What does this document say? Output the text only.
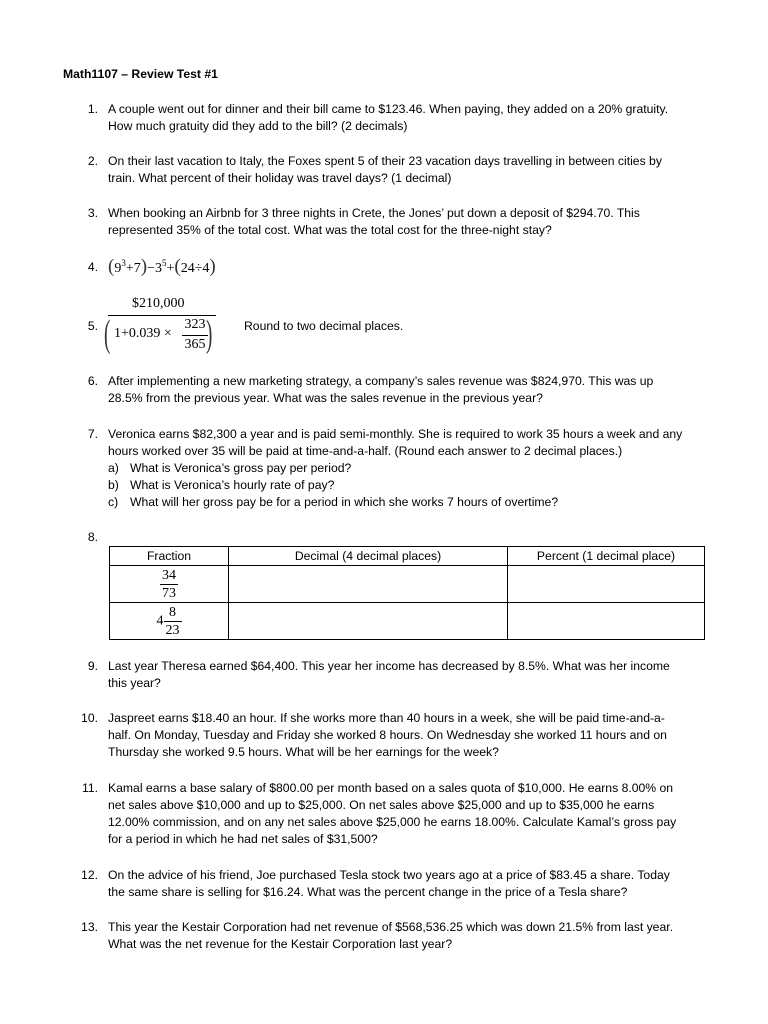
Math1107 – Review Test #1
1. A couple went out for dinner and their bill came to $123.46. When paying, they added on a 20% gratuity.
How much gratuity did they add to the bill? (2 decimals)
2. On their last vacation to Italy, the Foxes spent 5 of their 23 vacation days travelling in between cities by
train. What percent of their holiday was travel days? (1 decimal)
3. When booking an Airbnb for 3 three nights in Crete, the Jones’ put down a deposit of $294.70. This
represented 35% of the total cost. What was the total cost for the three-night stay?
4. $(9^3+7)-3^5+(24\div 4)$
5.
$210,000
( 1+0.039 ×
323
365 )	Round to two decimal places.
6. After implementing a new marketing strategy, a company’s sales revenue was $824,970. This was up
28.5% from the previous year. What was the sales revenue in the previous year?
7. Veronica earns $82,300 a year and is paid semi-monthly. She is required to work 35 hours a week and any
hours worked over 35 will be paid at time-and-a-half. (Round each answer to 2 decimal places.)
a) What is Veronica’s gross pay per period?
b) What is Veronica’s hourly rate of pay?
c) What will her gross pay be for a period in which she works 7 hours of overtime?
8.
Fraction	Decimal (4 decimal places)	Percent (1 decimal place)

$\frac{34}{73}$

$4 \frac{8}{23}$

9. Last year Theresa earned $64,400. This year her income has decreased by 8.5%. What was her income
this year?
10. Jaspreet earns $18.40 an hour. If she works more than 40 hours in a week, she will be paid time-and-a-
half. On Monday, Tuesday and Friday she worked 8 hours. On Wednesday she worked 11 hours and on
Thursday she worked 9.5 hours. What will be her earnings for the week?
11. Kamal earns a base salary of $800.00 per month based on a sales quota of $10,000. He earns 8.00% on
net sales above $10,000 and up to $25,000. On net sales above $25,000 and up to $35,000 he earns
12.00% commission, and on any net sales above $25,000 he earns 18.00%. Calculate Kamal’s gross pay
for a period in which he had net sales of $31,500?
12. On the advice of his friend, Joe purchased Tesla stock two years ago at a price of $83.45 a share. Today
the same share is selling for $16.24. What was the percent change in the price of a Tesla share?
13. This year the Kestair Corporation had net revenue of $568,536.25 which was down 21.5% from last year.
What was the net revenue for the Kestair Corporation last year?
